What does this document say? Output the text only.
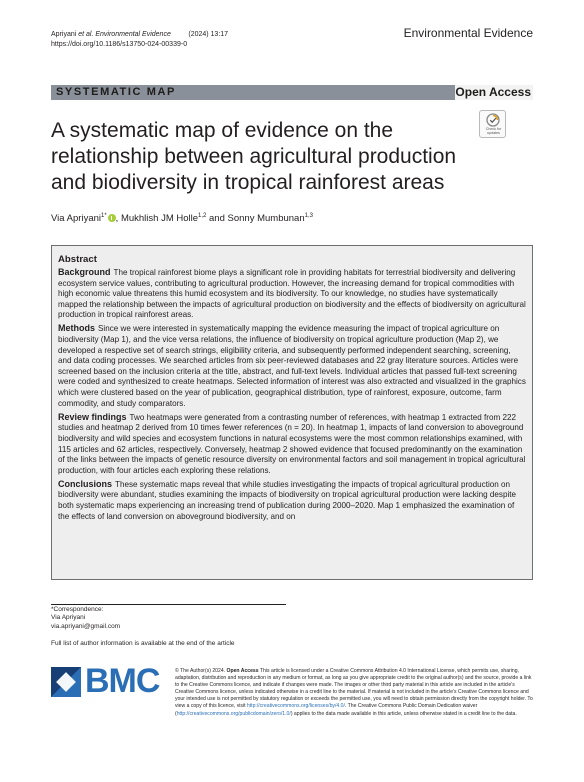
Apriyani et al. Environmental Evidence	(2024) 13:17
https://doi.org/10.1186/s13750-024-00339-0
Environmental Evidence
SYSTEMATIC MAP	Open Access
Check for updates
A systematic map of evidence on the relationship between agricultural production and biodiversity in tropical rainforest areas
Via Apriyani$^{1*}$ , Mukhlish JM Holle$^{1,2}$ and Sonny Mumbunan$^{1,3}$
Abstract

Background The tropical rainforest biome plays a significant role in providing habitats for terrestrial biodiversity and delivering ecosystem service values, contributing to agricultural production. However, the increasing demand for tropical commodities with high economic value threatens this humid ecosystem and its biodiversity. To our knowledge, no studies have systematically mapped the relationship between the impacts of agricultural production on biodiversity and the effects of biodiversity on agricultural production in tropical rainforest areas.

Methods Since we were interested in systematically mapping the evidence measuring the impact of tropical agriculture on biodiversity (Map 1), and the vice versa relations, the influence of biodiversity on tropical agriculture production (Map 2), we developed a respective set of search strings, eligibility criteria, and subsequently performed independent searching, screening, and data coding processes. We searched articles from six peer-reviewed databases and 22 gray literature sources. Articles were screened based on the inclusion criteria at the title, abstract, and full-text levels. Individual articles that passed full-text screening were coded and synthesized to create heatmaps. Selected information of interest was also extracted and visualized in the graphics which were clustered based on the year of publication, geographical distribution, type of rainforest, exposure, outcome, farm commodity, and study comparators.

Review findings Two heatmaps were generated from a contrasting number of references, with heatmap 1 extracted from 222 studies and heatmap 2 derived from 10 times fewer references (n = 20). In heatmap 1, impacts of land conversion to aboveground biodiversity and wild species and ecosystem functions in natural ecosystems were the most common relationships examined, with 115 articles and 62 articles, respectively. Conversely, heatmap 2 showed evidence that focused predominantly on the examination of the links between the impacts of genetic resource diversity on environmental factors and soil management in tropical agricultural production, with four articles each exploring these relations.

Conclusions These systematic maps reveal that while studies investigating the impacts of tropical agricultural production on biodiversity were abundant, studies examining the impacts of biodiversity on tropical agricultural production were lacking despite both systematic maps experiencing an increasing trend of publication during 2000–2020. Map 1 emphasized the examination of the effects of land conversion on aboveground biodiversity, and on

*Correspondence:
Via Apriyani
via.apriyani@gmail.com
Full list of author information is available at the end of the article
BMC	© The Author(s) 2024. Open Access This article is licensed under a Creative Commons Attribution 4.0 International License, which permits use, sharing, adaptation, distribution and reproduction in any medium or format, as long as you give appropriate credit to the original author(s) and the source, provide a link to the Creative Commons licence, and indicate if changes were made. The images or other third party material in this article are included in the article's Creative Commons licence, unless indicated otherwise in a credit line to the material. If material is not included in the article's Creative Commons licence and your intended use is not permitted by statutory regulation or exceeds the permitted use, you will need to obtain permission directly from the copyright holder. To view a copy of this licence, visit http://creativecommons.org/licenses/by/4.0/. The Creative Commons Public Domain Dedication waiver (http://creativecommons.org/publicdomain/zero/1.0/) applies to the data made available in this article, unless otherwise stated in a credit line to the data.
